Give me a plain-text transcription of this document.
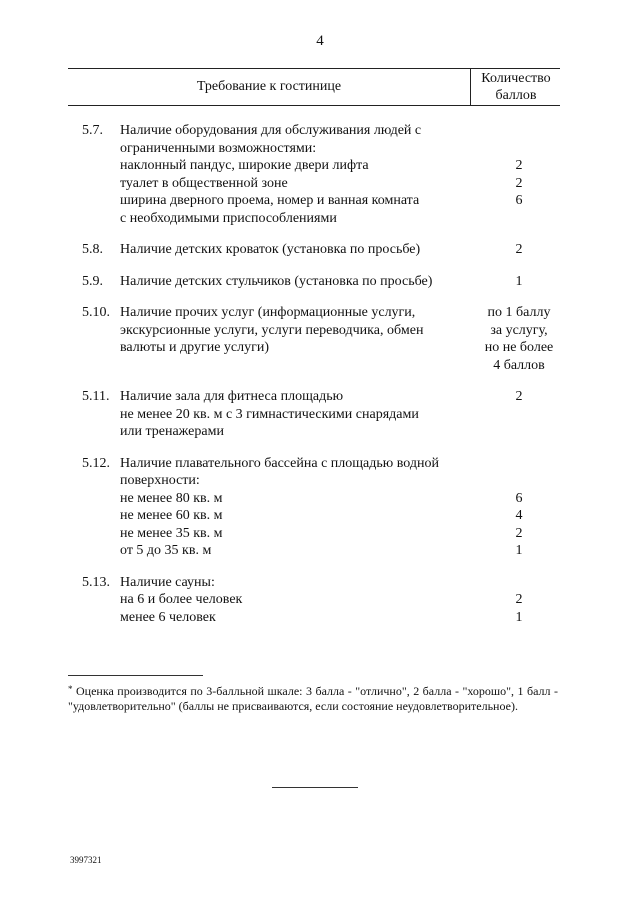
4
Требование к гостинице
Количество
баллов
5.7.	Наличие оборудования для обслуживания людей с
ограниченными возможностями:
наклонный пандус, широкие двери лифта	2
туалет в общественной зоне	2
ширина дверного проема, номер и ванная комната	6
с необходимыми приспособлениями
5.8.	Наличие детских кроваток (установка по просьбе)	2
5.9.	Наличие детских стульчиков (установка по просьбе)	1
5.10. Наличие прочих услуг (информационные услуги,	по 1 баллу
экскурсионные услуги, услуги переводчика, обмен	за услугу,
валюты и другие услуги)	но не более
4 баллов
5.11. Наличие зала для фитнеса площадью	2
не менее 20 кв. м с 3 гимнастическими снарядами
или тренажерами
5.12. Наличие плавательного бассейна с площадью водной
поверхности:
не менее 80 кв. м	6
не менее 60 кв. м	4
не менее 35 кв. м	2
от 5 до 35 кв. м	1
5.13. Наличие сауны:
на 6 и более человек	2
менее 6 человек	1
* Оценка производится по 3-балльной шкале: 3 балла - "отлично", 2 балла - "хорошо", 1 балл - "удовлетворительно" (баллы не присваиваются, если состояние неудовлетворительное).
3997321
